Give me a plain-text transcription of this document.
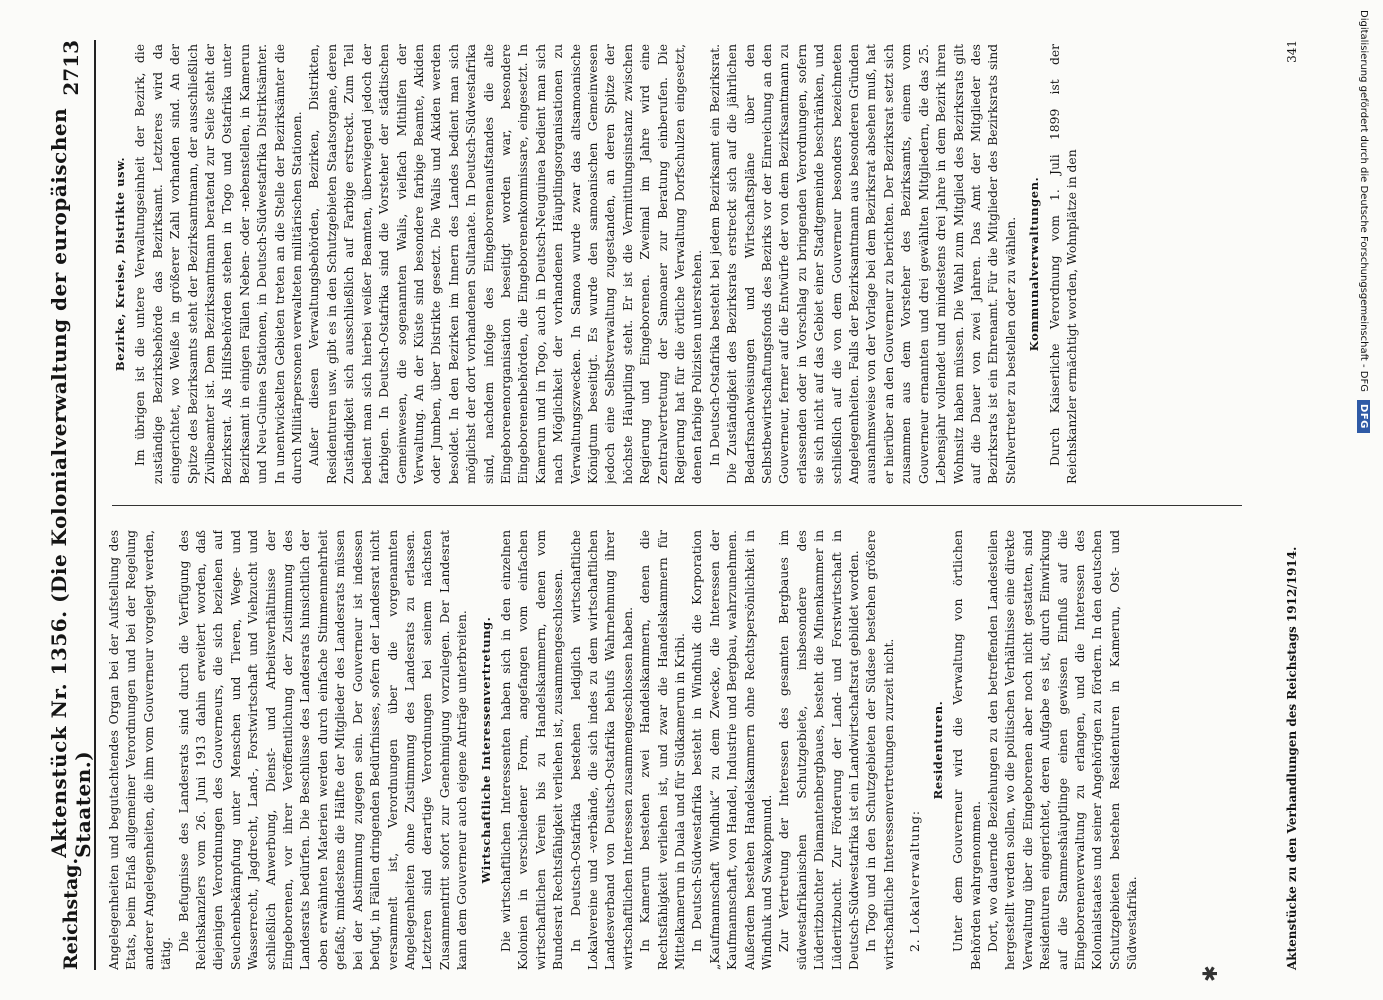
Reichstag.
Aktenstück Nr. 1356. (Die Kolonialverwaltung der europäischen Staaten.)
2713

Angelegenheiten und begutachtendes Organ bei der Aufstellung des Etats, beim Erlaß allgemeiner Verordnungen und bei der Regelung anderer Angelegenheiten, die ihm vom Gouverneur vorgelegt werden, tätig.

Die Befugnisse des Landesrats sind durch die Verfügung des Reichskanzlers vom 26. Juni 1913 dahin erweitert worden, daß diejenigen Verordnungen des Gouverneurs, die sich beziehen auf Seuchenbekämpfung unter Menschen und Tieren, Wege- und Wasserrecht, Jagdrecht, Land-, Forstwirtschaft und Viehzucht und schließlich Anwerbung, Dienst- und Arbeitsverhältnisse der Eingeborenen, vor ihrer Veröffentlichung der Zustimmung des Landesrats bedürfen. Die Beschlüsse des Landesrats hinsichtlich der oben erwähnten Materien werden durch einfache Stimmenmehrheit gefaßt; mindestens die Hälfte der Mitglieder des Landesrats müssen bei der Abstimmung zugegen sein. Der Gouverneur ist indessen befugt, in Fällen dringenden Bedürfnisses, sofern der Landesrat nicht versammelt ist, Verordnungen über die vorgenannten Angelegenheiten ohne Zustimmung des Landesrats zu erlassen. Letzteren sind derartige Verordnungen bei seinem nächsten Zusammentritt sofort zur Genehmigung vorzulegen. Der Landesrat kann dem Gouverneur auch eigene Anträge unterbreiten. Wirtschaftliche Interessenvertretung. Die wirtschaftlichen Interessenten haben sich in den einzelnen Kolonien in verschiedener Form, angefangen vom einfachen wirtschaftlichen Verein bis zu Handelskammern, denen vom Bundesrat Rechtsfähigkeit verliehen ist, zusammengeschlossen. In Deutsch-Ostafrika bestehen lediglich wirtschaftliche Lokalvereine und -verbände, die sich indes zu dem wirtschaftlichen Landesverband von Deutsch-Ostafrika behufs Wahrnehmung ihrer wirtschaftlichen Interessen zusammengeschlossen haben. In Kamerun bestehen zwei Handelskammern, denen die Rechtsfähigkeit verliehen ist, und zwar die Handelskammern für Mittelkamerun in Duala und für Südkamerun in Kribi. In Deutsch-Südwestafrika besteht in Windhuk die Korporation „Kaufmannschaft Windhuk“ zu dem Zwecke, die Interessen der Kaufmannschaft, von Handel, Industrie und Bergbau, wahrzunehmen. Außerdem bestehen Handelskammern ohne Rechtspersönlichkeit in Windhuk und Swakopmund. Zur Vertretung der Interessen des gesamten Bergbaues im südwestafrikanischen Schutzgebiete, insbesondere des Lüderitzbuchter Diamantenbergbaues, besteht die Minenkammer in Lüderitzbucht. Zur Förderung der Land- und Forstwirtschaft in Deutsch-Südwestafrika ist ein Landwirtschaftsrat gebildet worden. In Togo und in den Schutzgebieten der Südsee bestehen größere wirtschaftliche Interessenvertretungen zurzeit nicht. 2. Lokalverwaltung:
Residenturen. Unter dem Gouverneur wird die Verwaltung von örtlichen Behörden wahrgenommen. Dort, wo dauernde Beziehungen zu den betreffenden Landesteilen hergestellt werden sollen, wo die politischen Verhältnisse eine direkte Verwaltung über die Eingeborenen aber noch nicht gestatten, sind Residenturen eingerichtet, deren Aufgabe es ist, durch Einwirkung auf die Stammeshäuptlinge einen gewissen Einfluß auf die Eingeborenenverwaltung zu erlangen, und die Interessen des Kolonialstaates und seiner Angehörigen zu fördern. In den deutschen Schutzgebieten bestehen Residenturen in Kamerun, Ost- und Südwestafrika.

Bezirke, Kreise, Distrikte usw. Im übrigen ist die untere Verwaltungseinheit der Bezirk, die zuständige Bezirksbehörde das Bezirksamt. Letzteres wird da eingerichtet, wo Weiße in größerer Zahl vorhanden sind. An der Spitze des Bezirksamts steht der Bezirksamtmann, der ausschließlich Zivilbeamter ist. Dem Bezirksamtmann beratend zur Seite steht der Bezirksrat. Als Hilfsbehörden stehen in Togo und Ostafrika unter Bezirksamt in einigen Fällen Neben- oder -nebenstellen, in Kamerun und Neu-Guinea Stationen, in Deutsch-Südwestafrika Distriktsämter. In unentwickelten Gebieten treten an die Stelle der Bezirksämter die durch Militärpersonen verwalteten militärischen Stationen. Außer diesen Verwaltungsbehörden, Bezirken, Distrikten, Residenturen usw. gibt es in den Schutzgebieten Staatsorgane, deren Zuständigkeit sich ausschließlich auf Farbige erstreckt. Zum Teil bedient man sich hierbei weißer Beamten, überwiegend jedoch der farbigen. In Deutsch-Ostafrika sind die Vorsteher der städtischen Gemeinwesen, die sogenannten Walis, vielfach Mithilfen der Verwaltung. An der Küste sind besondere farbige Beamte, Akiden oder Jumben, über Distrikte gesetzt. Die Walis und Akiden werden besoldet. In den Bezirken im Innern des Landes bedient man sich möglichst der dort vorhandenen Sultanate. In Deutsch-Südwestafrika sind, nachdem infolge des Eingeborenenaufstandes die alte Eingeborenenorganisation beseitigt worden war, besondere Eingeborenenbehörden, die Eingeborenenkommissare, eingesetzt. In Kamerun und in Togo, auch in Deutsch-Neuguinea bedient man sich nach Möglichkeit der vorhandenen Häuptlingsorganisationen zu Verwaltungszwecken. In Samoa wurde zwar das altsamoanische Königtum beseitigt. Es wurde den samoanischen Gemeinwesen jedoch eine Selbstverwaltung zugestanden, an deren Spitze der höchste Häuptling steht. Er ist die Vermittlungsinstanz zwischen Regierung und Eingeborenen. Zweimal im Jahre wird eine Zentralvertretung der Samoaner zur Beratung einberufen. Die Regierung hat für die örtliche Verwaltung Dorfschulzen eingesetzt, denen farbige Polizisten unterstehen. In Deutsch-Ostafrika besteht bei jedem Bezirksamt ein Bezirksrat. Die Zuständigkeit des Bezirksrats erstreckt sich auf die jährlichen Bedarfsnachweisungen und Wirtschaftspläne über den Selbstbewirtschaftungsfonds des Bezirks vor der Einreichung an den Gouverneur, ferner auf die Entwürfe der von dem Bezirksamtmann zu erlassenden oder in Vorschlag zu bringenden Verordnungen, sofern sie sich nicht auf das Gebiet einer Stadtgemeinde beschränken, und schließlich auf die von dem Gouverneur besonders bezeichneten Angelegenheiten. Falls der Bezirksamtmann aus besonderen Gründen ausnahmsweise von der Vorlage bei dem Bezirksrat absehen muß, hat er hierüber an den Gouverneur zu berichten. Der Bezirksrat setzt sich zusammen aus dem Vorsteher des Bezirksamts, einem vom Gouverneur ernannten und drei gewählten Mitgliedern, die das 25. Lebensjahr vollendet und mindestens drei Jahre in dem Bezirk ihren Wohnsitz haben müssen. Die Wahl zum Mitglied des Bezirksrats gilt auf die Dauer von zwei Jahren. Das Amt der Mitglieder des Bezirksrats ist ein Ehrenamt. Für die Mitglieder des Bezirksrats sind Stellvertreter zu bestellen oder zu wählen. Kommunalverwaltungen. Durch Kaiserliche Verordnung vom 1. Juli 1899 ist der Reichskanzler ermächtigt worden, Wohnplätze in den

✱
Aktenstücke zu den Verhandlungen des Reichstags 1912/1914.
341	Digitalisierung gefördert durch die Deutsche Forschungsgemeinschaft - DFG
DFG
